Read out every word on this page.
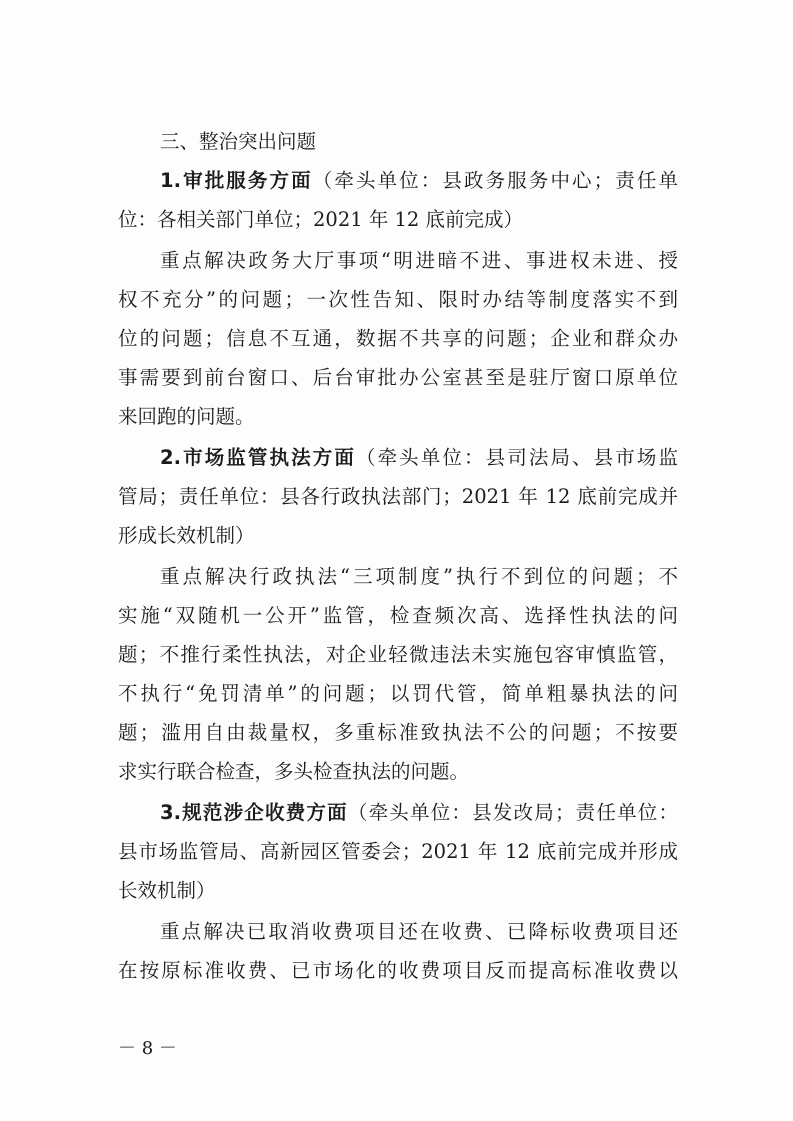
三、整治突出问题
1.审批服务方面（牵头单位：县政务服务中心；责任单
位：各相关部门单位；2021 年 12 底前完成）
重点解决政务大厅事项“明进暗不进、事进权未进、授
权不充分”的问题；一次性告知、限时办结等制度落实不到
位的问题；信息不互通，数据不共享的问题；企业和群众办
事需要到前台窗口、后台审批办公室甚至是驻厅窗口原单位
来回跑的问题。
2.市场监管执法方面（牵头单位：县司法局、县市场监
管局；责任单位：县各行政执法部门；2021 年 12 底前完成并
形成长效机制）
重点解决行政执法“三项制度”执行不到位的问题；不
实施“双随机一公开”监管，检查频次高、选择性执法的问
题；不推行柔性执法，对企业轻微违法未实施包容审慎监管，
不执行“免罚清单”的问题；以罚代管，简单粗暴执法的问
题；滥用自由裁量权，多重标准致执法不公的问题；不按要
求实行联合检查，多头检查执法的问题。
3.规范涉企收费方面（牵头单位：县发改局；责任单位：
县市场监管局、高新园区管委会；2021 年 12 底前完成并形成
长效机制）
重点解决已取消收费项目还在收费、已降标收费项目还
在按原标准收费、已市场化的收费项目反而提高标准收费以
－ 8 －
